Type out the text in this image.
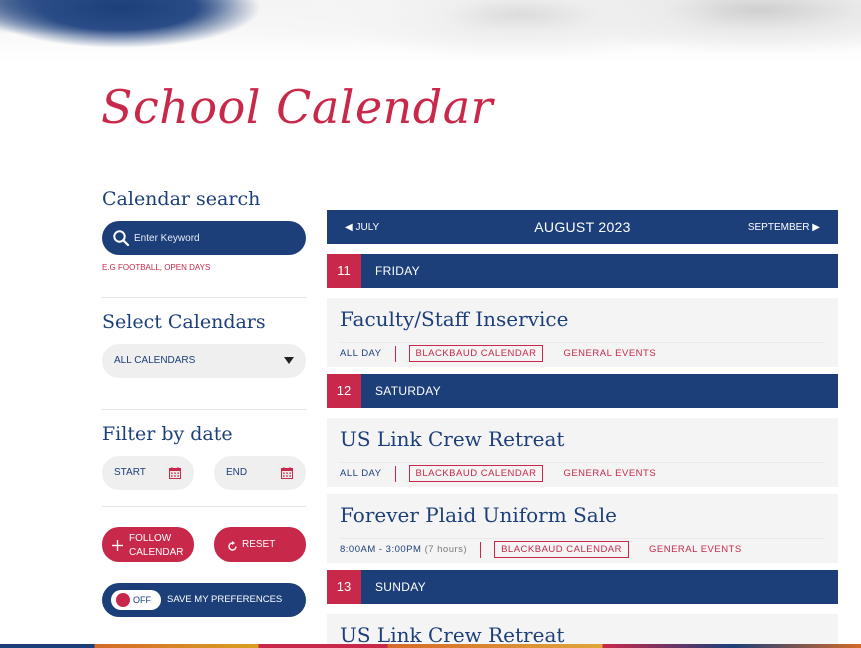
School Calendar
Calendar search
Enter Keyword
E.G FOOTBALL, OPEN DAYS
Select Calendars
ALL CALENDARS
Filter by date
START	END
FOLLOW
CALENDAR
RESET
OFF SAVE MY PREFERENCES
◀ JULY	AUGUST 2023	SEPTEMBER ▶
11	FRIDAY
Faculty/Staff Inservice
ALL DAY	BLACKBAUD CALENDAR	GENERAL EVENTS
12	SATURDAY
US Link Crew Retreat
ALL DAY	BLACKBAUD CALENDAR	GENERAL EVENTS
Forever Plaid Uniform Sale
8:00AM - 3:00PM
(7 hours)	BLACKBAUD CALENDAR	GENERAL EVENTS
13	SUNDAY
US Link Crew Retreat
